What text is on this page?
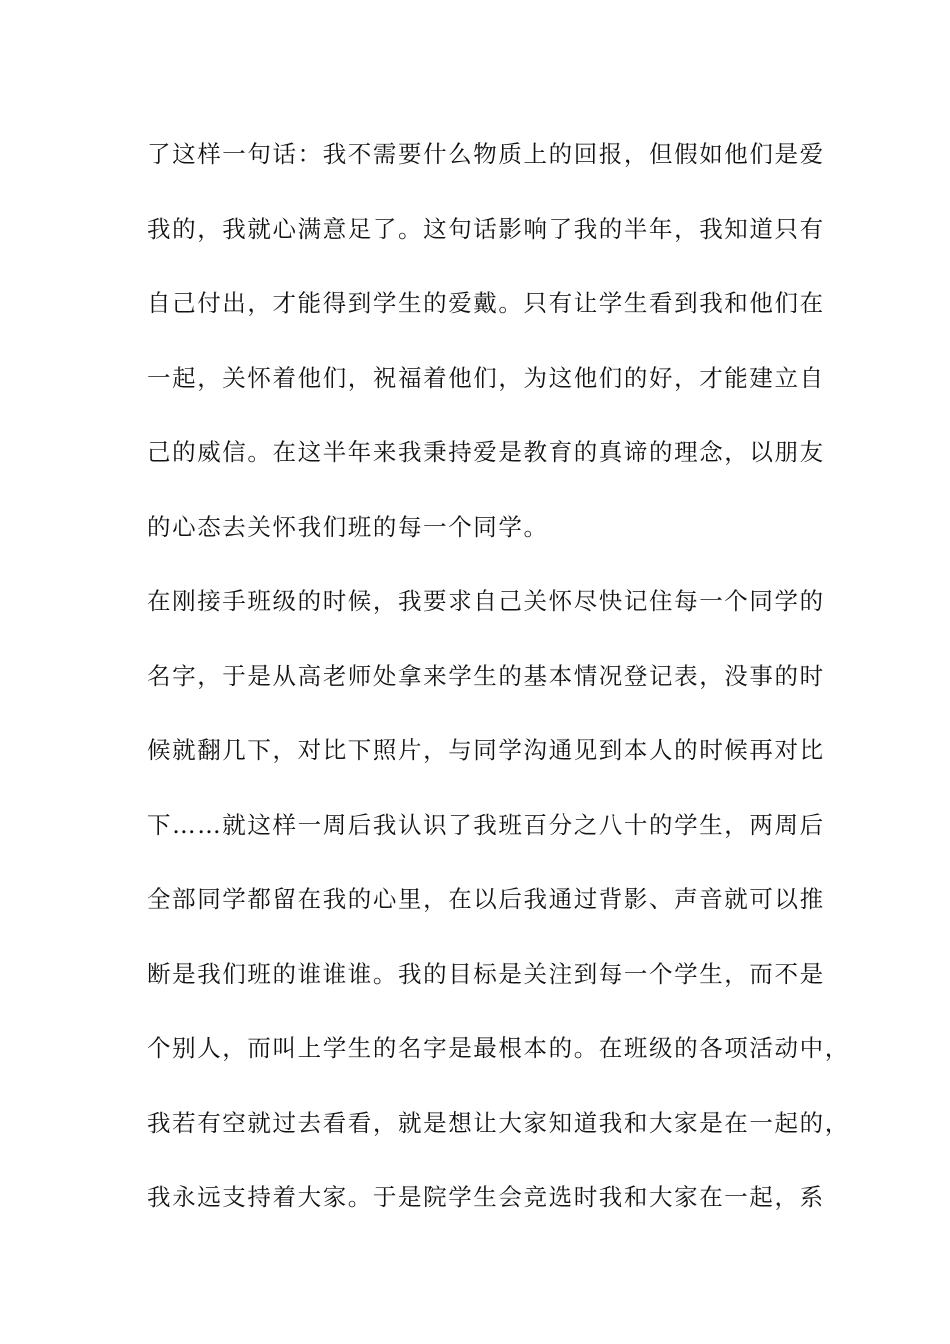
了这样一句话：我不需要什么物质上的回报，但假如他们是爱
我的，我就心满意足了。这句话影响了我的半年，我知道只有
自己付出，才能得到学生的爱戴。只有让学生看到我和他们在
一起，关怀着他们，祝福着他们，为这他们的好，才能建立自
己的威信。在这半年来我秉持爱是教育的真谛的理念，以朋友
的心态去关怀我们班的每一个同学。
在刚接手班级的时候，我要求自己关怀尽快记住每一个同学的
名字，于是从高老师处拿来学生的基本情况登记表，没事的时
候就翻几下，对比下照片，与同学沟通见到本人的时候再对比
下……就这样一周后我认识了我班百分之八十的学生，两周后
全部同学都留在我的心里，在以后我通过背影、声音就可以推
断是我们班的谁谁谁。我的目标是关注到每一个学生，而不是
个别人，而叫上学生的名字是最根本的。在班级的各项活动中，
我若有空就过去看看，就是想让大家知道我和大家是在一起的，
我永远支持着大家。于是院学生会竞选时我和大家在一起，系
